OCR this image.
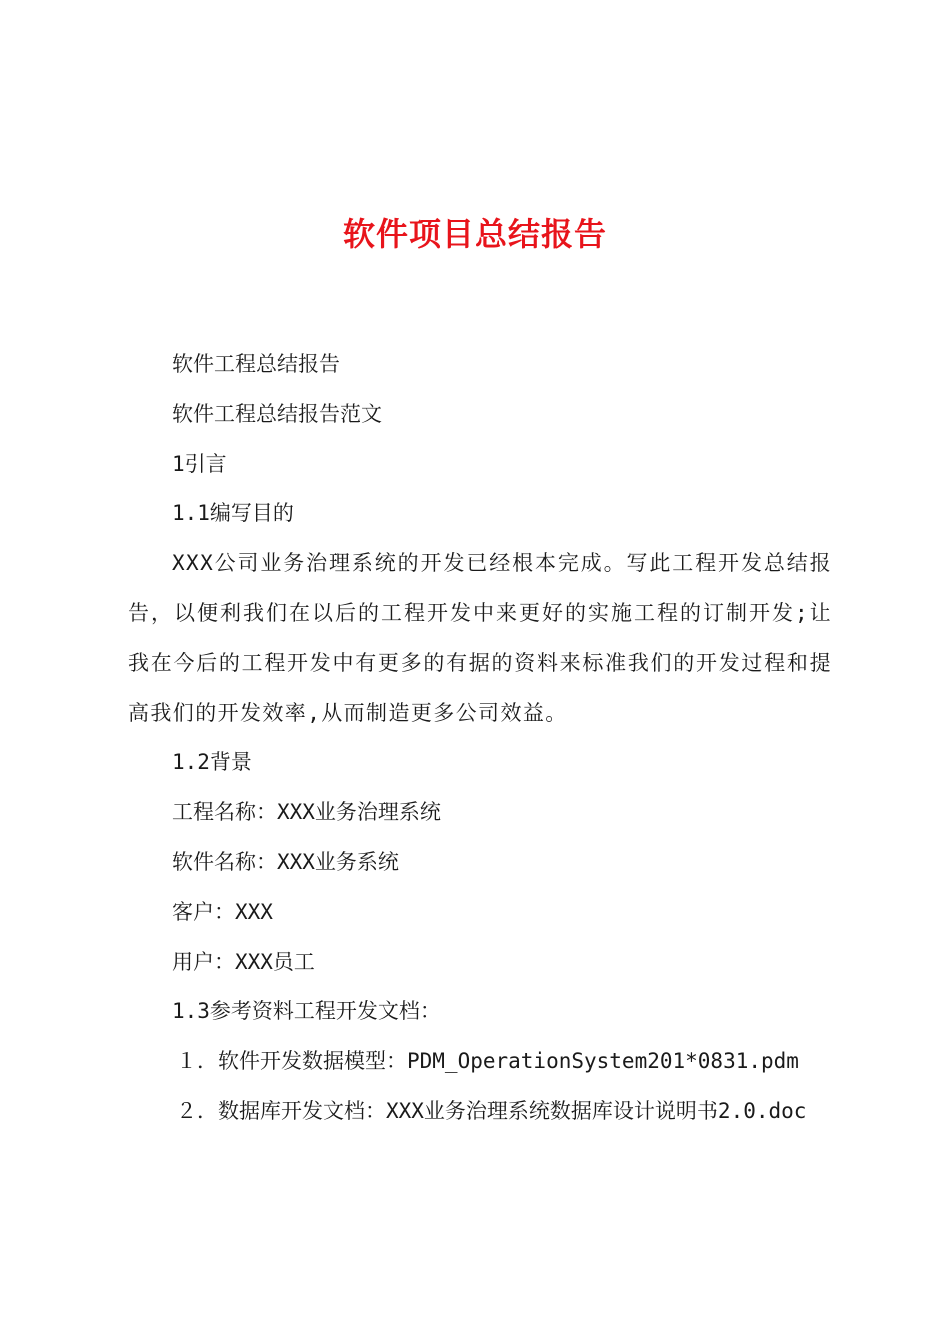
软件项目总结报告

软件工程总结报告

软件工程总结报告范文

1引言

1.1编写目的

XXX公司业务治理系统的开发已经根本完成。写此工程开发总结报告，以便利我们在以后的工程开发中来更好的实施工程的订制开发;让我在今后的工程开发中有更多的有据的资料来标准我们的开发过程和提高我们的开发效率,从而制造更多公司效益。

1.2背景

工程名称：XXX业务治理系统

软件名称：XXX业务系统

客户：XXX

用户：XXX员工

1.3参考资料工程开发文档：

１．软件开发数据模型：PDM_OperationSystem201*0831.pdm

２．数据库开发文档：XXX业务治理系统数据库设计说明书2.0.doc
